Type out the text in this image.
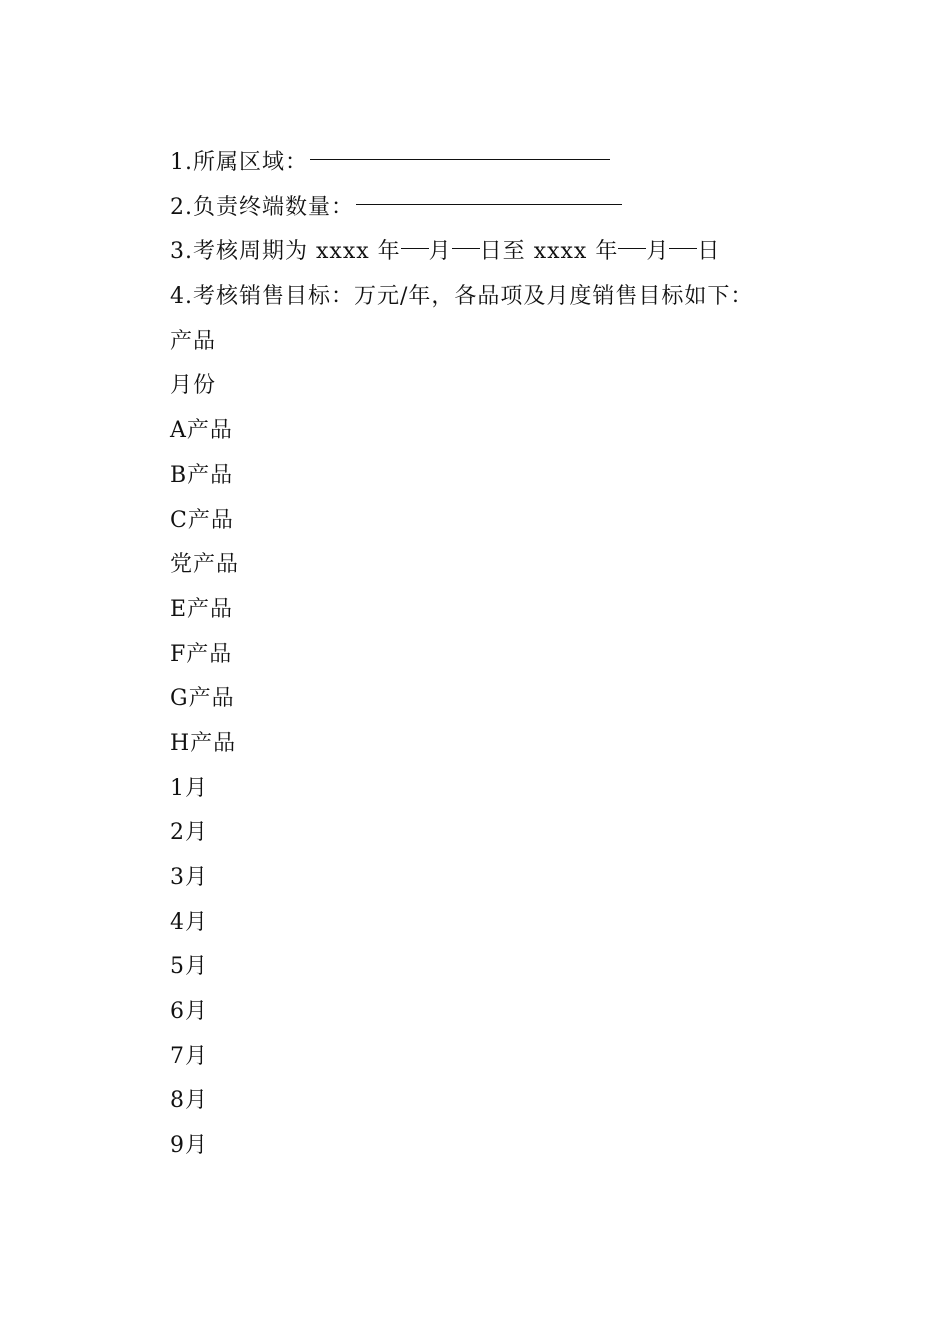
1.所属区域：
2.负责终端数量：
3.考核周期为 xxxx 年 月 日至 xxxx 年 月 日
4.考核销售目标：万元/年，各品项及月度销售目标如下：
产品
月份
A产品
B产品
C产品
党产品
E产品
F产品
G产品
H产品
1月
2月
3月
4月
5月
6月
7月
8月
9月
